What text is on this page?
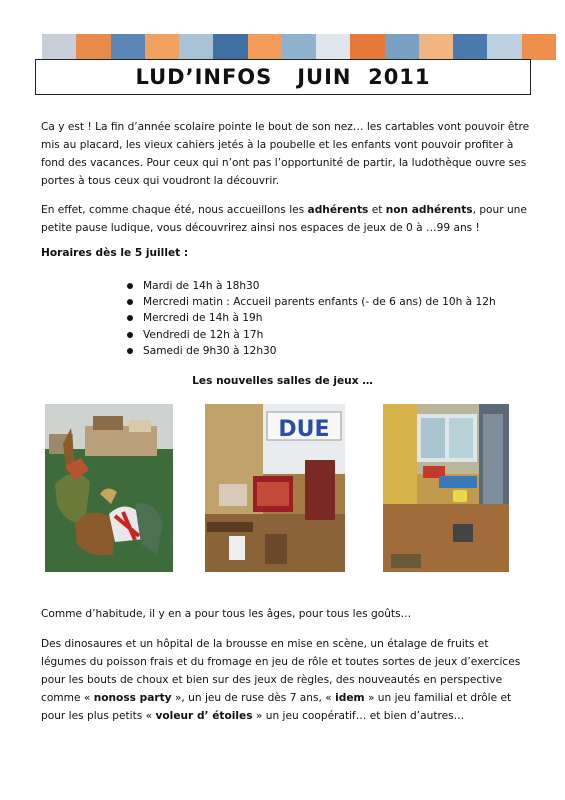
LUD’INFOS   JUIN  2011

Ca y est ! La fin d’année scolaire pointe le bout de son nez… les cartables vont pouvoir être mis au placard, les vieux cahiers jetés à la poubelle et les enfants vont pouvoir profiter à fond des vacances. Pour ceux qui n’ont pas l’opportunité de partir, la ludothèque ouvre ses portes à tous ceux qui voudront la découvrir.

En effet, comme chaque été, nous accueillons les adhérents et non adhérents, pour une petite pause ludique, vous découvrirez ainsi nos espaces de jeux de 0 à …99 ans !

Horaires dès le 5 juillet :
Mardi de 14h à 18h30
Mercredi matin : Accueil parents enfants (- de 6 ans) de 10h à 12h
Mercredi de 14h à 19h
Vendredi de 12h à 17h
Samedi de 9h30 à 12h30
Les nouvelles salles de jeux …
DUE

Comme d’habitude, il y en a pour tous les âges, pour tous les goûts…

Des dinosaures et un hôpital de la brousse en mise en scène, un étalage de fruits et légumes du poisson frais et du fromage en jeu de rôle et toutes sortes de jeux d’exercices pour les bouts de choux et bien sur des jeux de règles, des nouveautés en perspective comme « nonoss party », un jeu de ruse dès 7 ans, « idem » un jeu familial et drôle et pour les plus petits « voleur d’ étoiles » un jeu coopératif… et bien d’autres…
